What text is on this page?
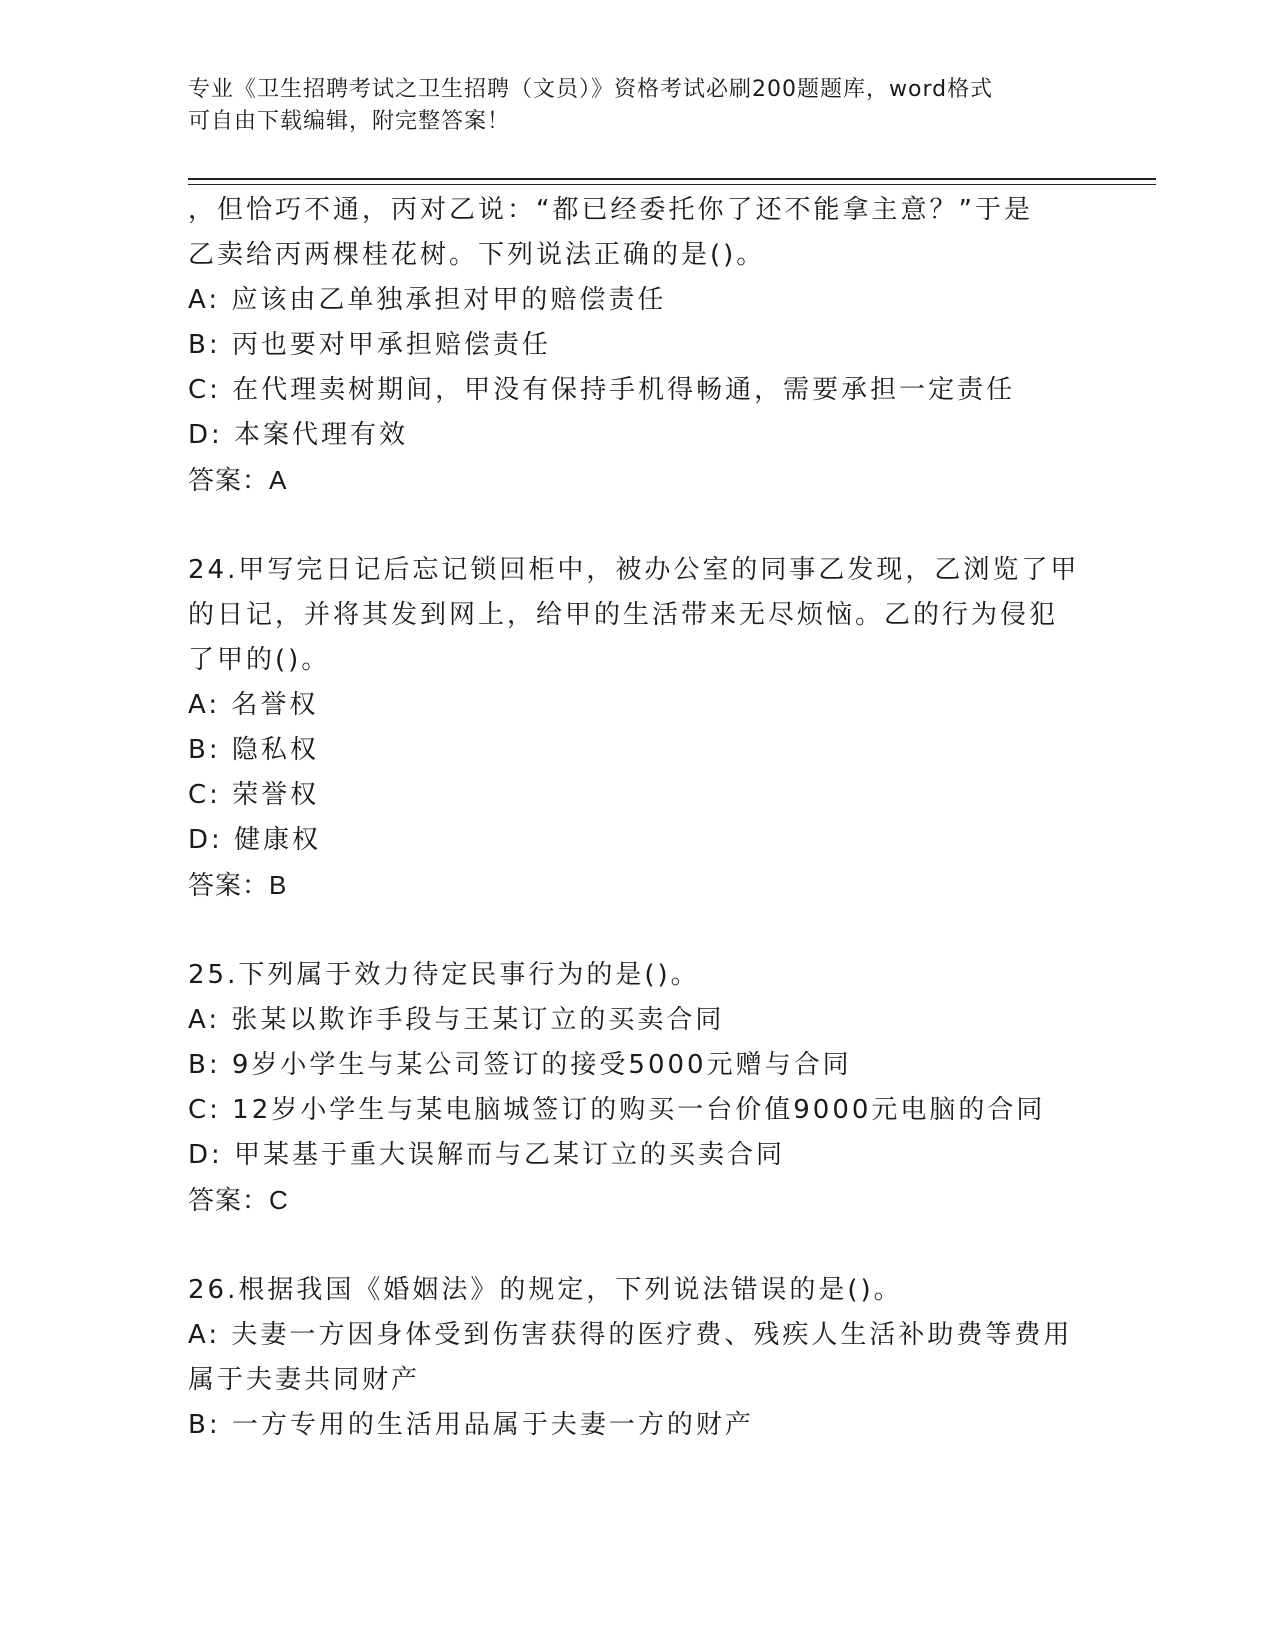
专业《卫生招聘考试之卫生招聘（文员）》资格考试必刷200题题库，word格式
可自由下载编辑，附完整答案！
，但恰巧不通，丙对乙说：“都已经委托你了还不能拿主意？”于是
乙卖给丙两棵桂花树。下列说法正确的是()。
A: 应该由乙单独承担对甲的赔偿责任
B: 丙也要对甲承担赔偿责任
C: 在代理卖树期间，甲没有保持手机得畅通，需要承担一定责任
D: 本案代理有效
答案：A
24.甲写完日记后忘记锁回柜中，被办公室的同事乙发现，乙浏览了甲
的日记，并将其发到网上，给甲的生活带来无尽烦恼。乙的行为侵犯
了甲的()。
A: 名誉权
B: 隐私权
C: 荣誉权
D: 健康权
答案：B
25.下列属于效力待定民事行为的是()。
A: 张某以欺诈手段与王某订立的买卖合同
B: 9岁小学生与某公司签订的接受5000元赠与合同
C: 12岁小学生与某电脑城签订的购买一台价值9000元电脑的合同
D: 甲某基于重大误解而与乙某订立的买卖合同
答案：C
26.根据我国《婚姻法》的规定，下列说法错误的是()。
A: 夫妻一方因身体受到伤害获得的医疗费、残疾人生活补助费等费用
属于夫妻共同财产
B: 一方专用的生活用品属于夫妻一方的财产
